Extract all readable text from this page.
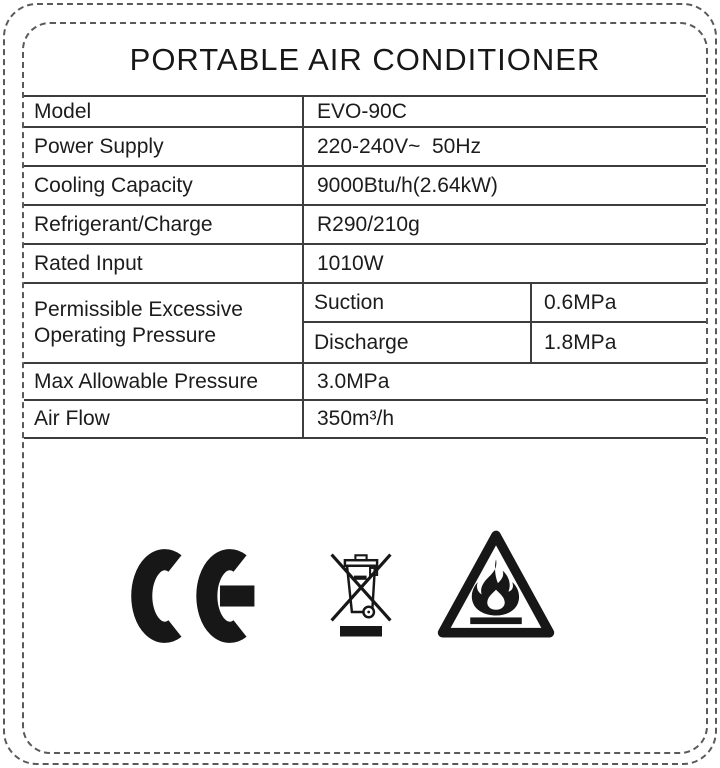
PORTABLE AIR CONDITIONER
Model	EVO-90C
Power Supply	220-240V~  50Hz
Cooling Capacity	9000Btu/h(2.64kW)
Refrigerant/Charge	R290/210g
Rated Input	1010W
Permissible Excessive
Operating Pressure
Suction	0.6MPa
Discharge	1.8MPa
Max Allowable Pressure	3.0MPa
Air Flow	350m³/h
